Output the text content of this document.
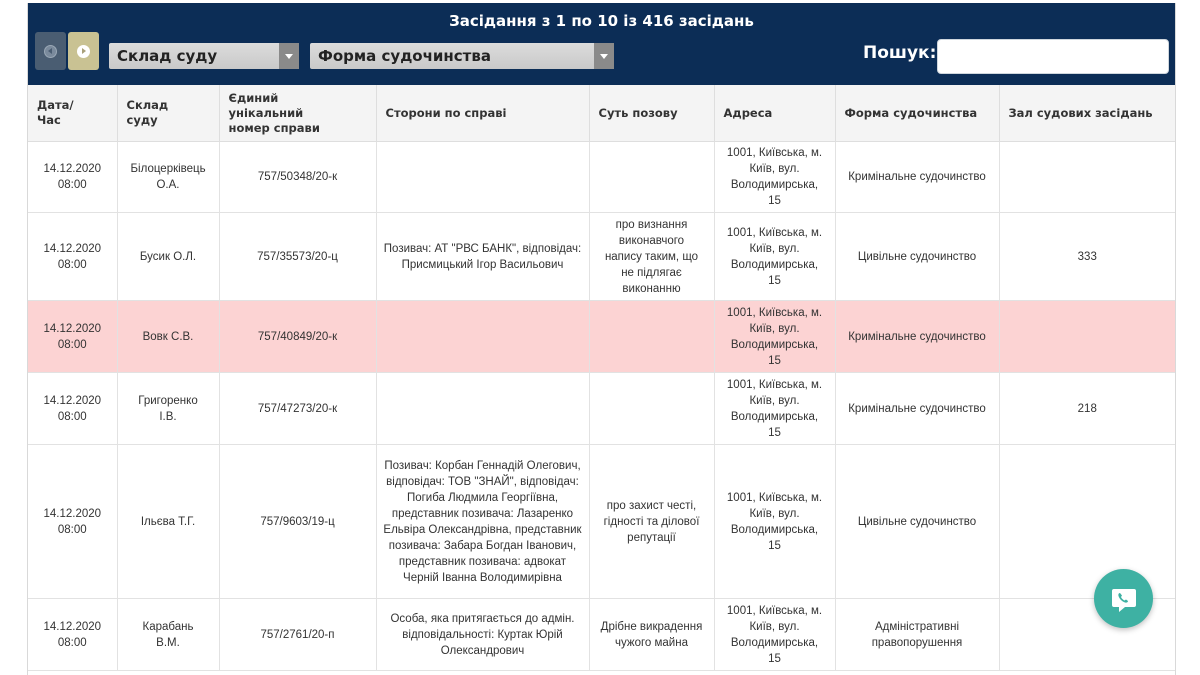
Засідання з 1 по 10 із 416 засідань
Склад суду	Форма судочинства	Пошук:
Дата/ Час	Склад суду	Єдиний унікальний номер справи	Сторони по справі	Суть позову	Адреса	Форма судочинства	Зал судових засідань

14.12.2020
08:00	Білоцерківець О.А.	757/50348/20-к			1001, Київська, м. Київ, вул. Володимирська, 15	Кримінальне судочинство	

14.12.2020
08:00	Бусик О.Л.	757/35573/20-ц	Позивач: АТ "РВС БАНК", відповідач: Присмицький Ігор Васильович	про визнання виконавчого напису таким, що не підлягає виконанню	1001, Київська, м. Київ, вул. Володимирська, 15	Цивільне судочинство	333

14.12.2020
08:00	Вовк С.В.	757/40849/20-к			1001, Київська, м. Київ, вул. Володимирська, 15	Кримінальне судочинство	

14.12.2020
08:00	Григоренко І.В.	757/47273/20-к			1001, Київська, м. Київ, вул. Володимирська, 15	Кримінальне судочинство	218

14.12.2020
08:00	Ільєва Т.Г.	757/9603/19-ц	Позивач: Корбан Геннадій Олегович, відповідач: ТОВ "ЗНАЙ", відповідач: Погиба Людмила Георгіївна, представник позивача: Лазаренко Ельвіра Олександрівна, представник позивача: Забара Богдан Іванович, представник позивача: адвокат Черній Іванна Володимирівна	про захист честі, гідності та ділової репутації	1001, Київська, м. Київ, вул. Володимирська, 15	Цивільне судочинство	

14.12.2020
08:00	Карабань В.М.	757/2761/20-п	Особа, яка притягається до адмін. відповідальності: Куртак Юрій Олександрович	Дрібне викрадення чужого майна	1001, Київська, м. Київ, вул. Володимирська, 15	Адміністративні правопорушення	
